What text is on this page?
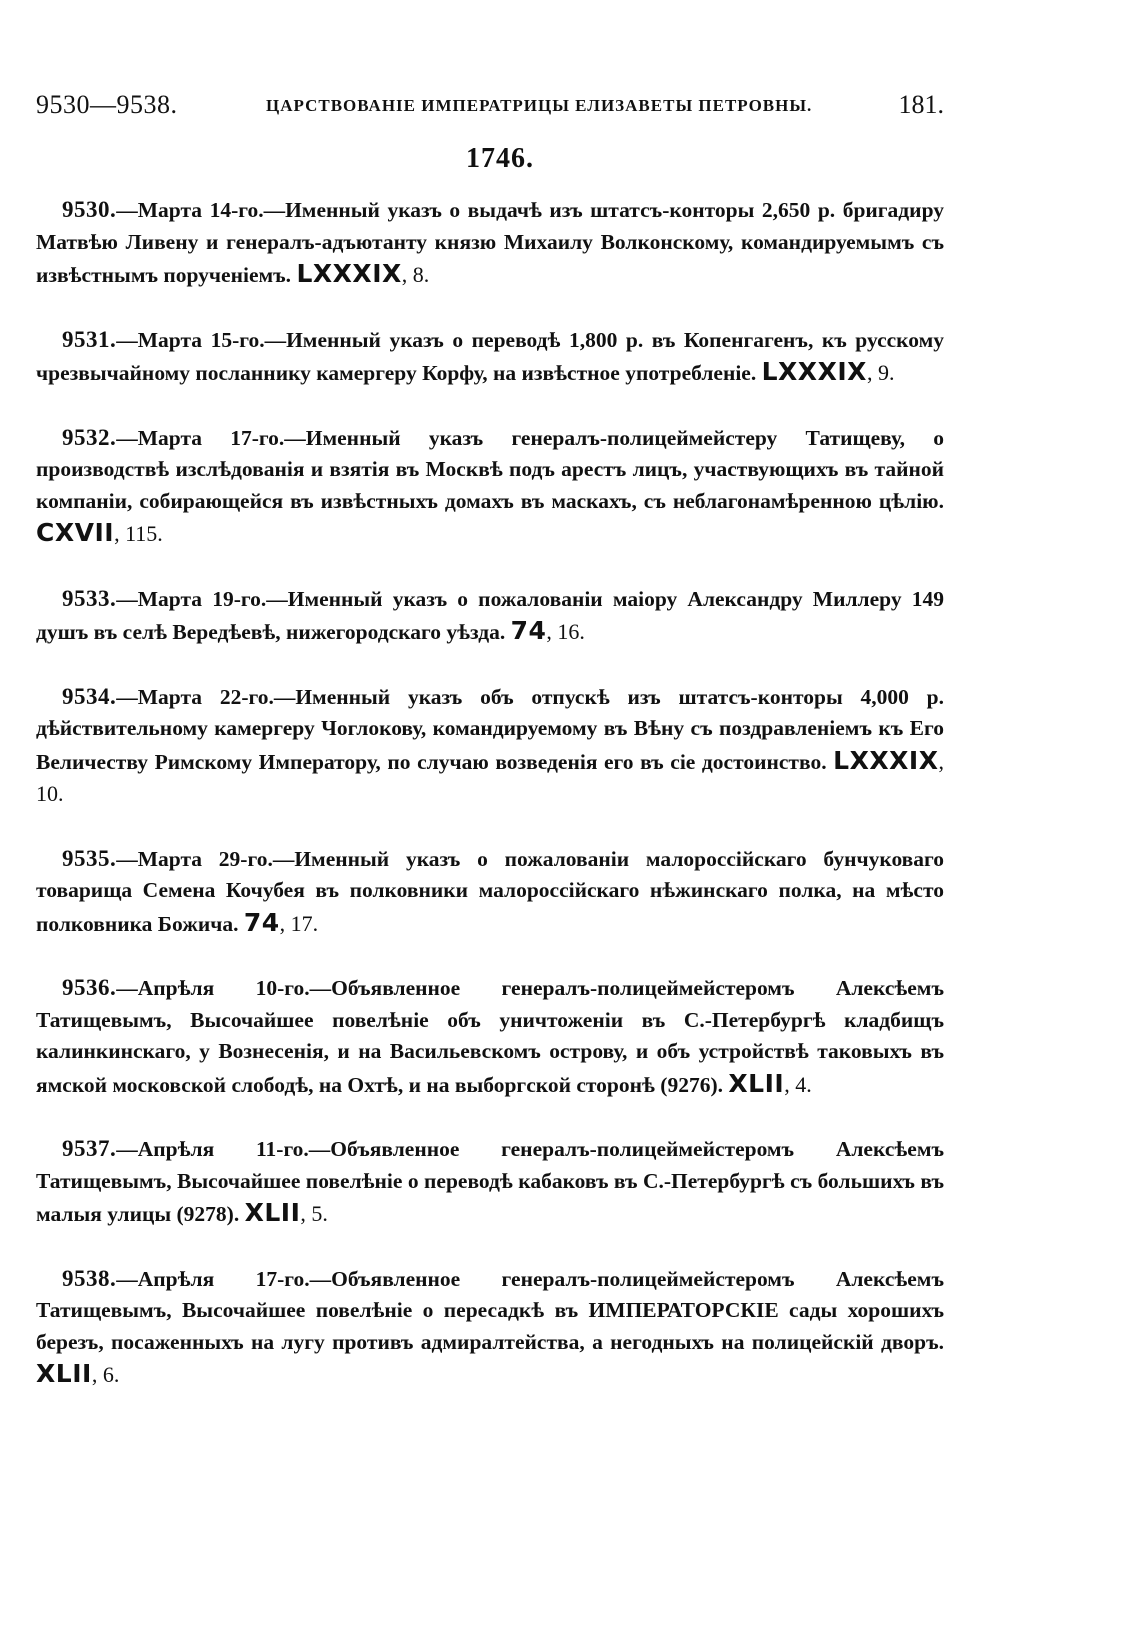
9530—9538.	ЦАРСТВОВАНІЕ ИМПЕРАТРИЦЫ ЕЛИЗАВЕТЫ ПЕТРОВНЫ.	181.
1746.

9530.—Марта 14-го.—Именный указъ о выдачѣ изъ штатсъ-конторы 2,650 р. бригадиру Матвѣю Ливену и генералъ-адъютанту князю Михаилу Волконскому, командируемымъ съ извѣстнымъ порученіемъ. LXXXIX, 8.

9531.—Марта 15-го.—Именный указъ о переводѣ 1,800 р. въ Копенгагенъ, къ русскому чрезвычайному посланнику камергеру Корфу, на извѣстное употребленіе. LXXXIX, 9.

9532.—Марта 17-го.—Именный указъ генералъ-полицеймейстеру Татищеву, о производствѣ изслѣдованія и взятія въ Москвѣ подъ арестъ лицъ, участвующихъ въ тайной компаніи, собирающейся въ извѣстныхъ домахъ въ маскахъ, съ неблагонамѣренною цѣлію. CXVII, 115.

9533.—Марта 19-го.—Именный указъ о пожалованіи маіору Александру Миллеру 149 душъ въ селѣ Вередѣевѣ, нижегородскаго уѣзда. 74, 16.

9534.—Марта 22-го.—Именный указъ объ отпускѣ изъ штатсъ-конторы 4,000 р. дѣйствительному камергеру Чоглокову, командируемому въ Вѣну съ поздравленіемъ къ Его Величеству Римскому Императору, по случаю возведенія его въ сіе достоинство. LXXXIX, 10.

9535.—Марта 29-го.—Именный указъ о пожалованіи малороссійскаго бунчуковаго товарища Семена Кочубея въ полковники малороссійскаго нѣжинскаго полка, на мѣсто полковника Божича. 74, 17.

9536.—Апрѣля 10-го.—Объявленное генералъ-полицеймейстеромъ Алексѣемъ Татищевымъ, Высочайшее повелѣніе объ уничтоженіи въ С.-Петербургѣ кладбищъ калинкинскаго, у Вознесенія, и на Васильевскомъ острову, и объ устройствѣ таковыхъ въ ямской московской слободѣ, на Охтѣ, и на выборгской сторонѣ (9276). XLII, 4.

9537.—Апрѣля 11-го.—Объявленное генералъ-полицеймейстеромъ Алексѣемъ Татищевымъ, Высочайшее повелѣніе о переводѣ кабаковъ въ С.-Петербургѣ съ большихъ въ малыя улицы (9278). XLII, 5.

9538.—Апрѣля 17-го.—Объявленное генералъ-полицеймейстеромъ Алексѣемъ Татищевымъ, Высочайшее повелѣніе о пересадкѣ въ ИМПЕРАТОРСКІЕ сады хорошихъ березъ, посаженныхъ на лугу противъ адмиралтейства, а негодныхъ на полицейскій дворъ. XLII, 6.
